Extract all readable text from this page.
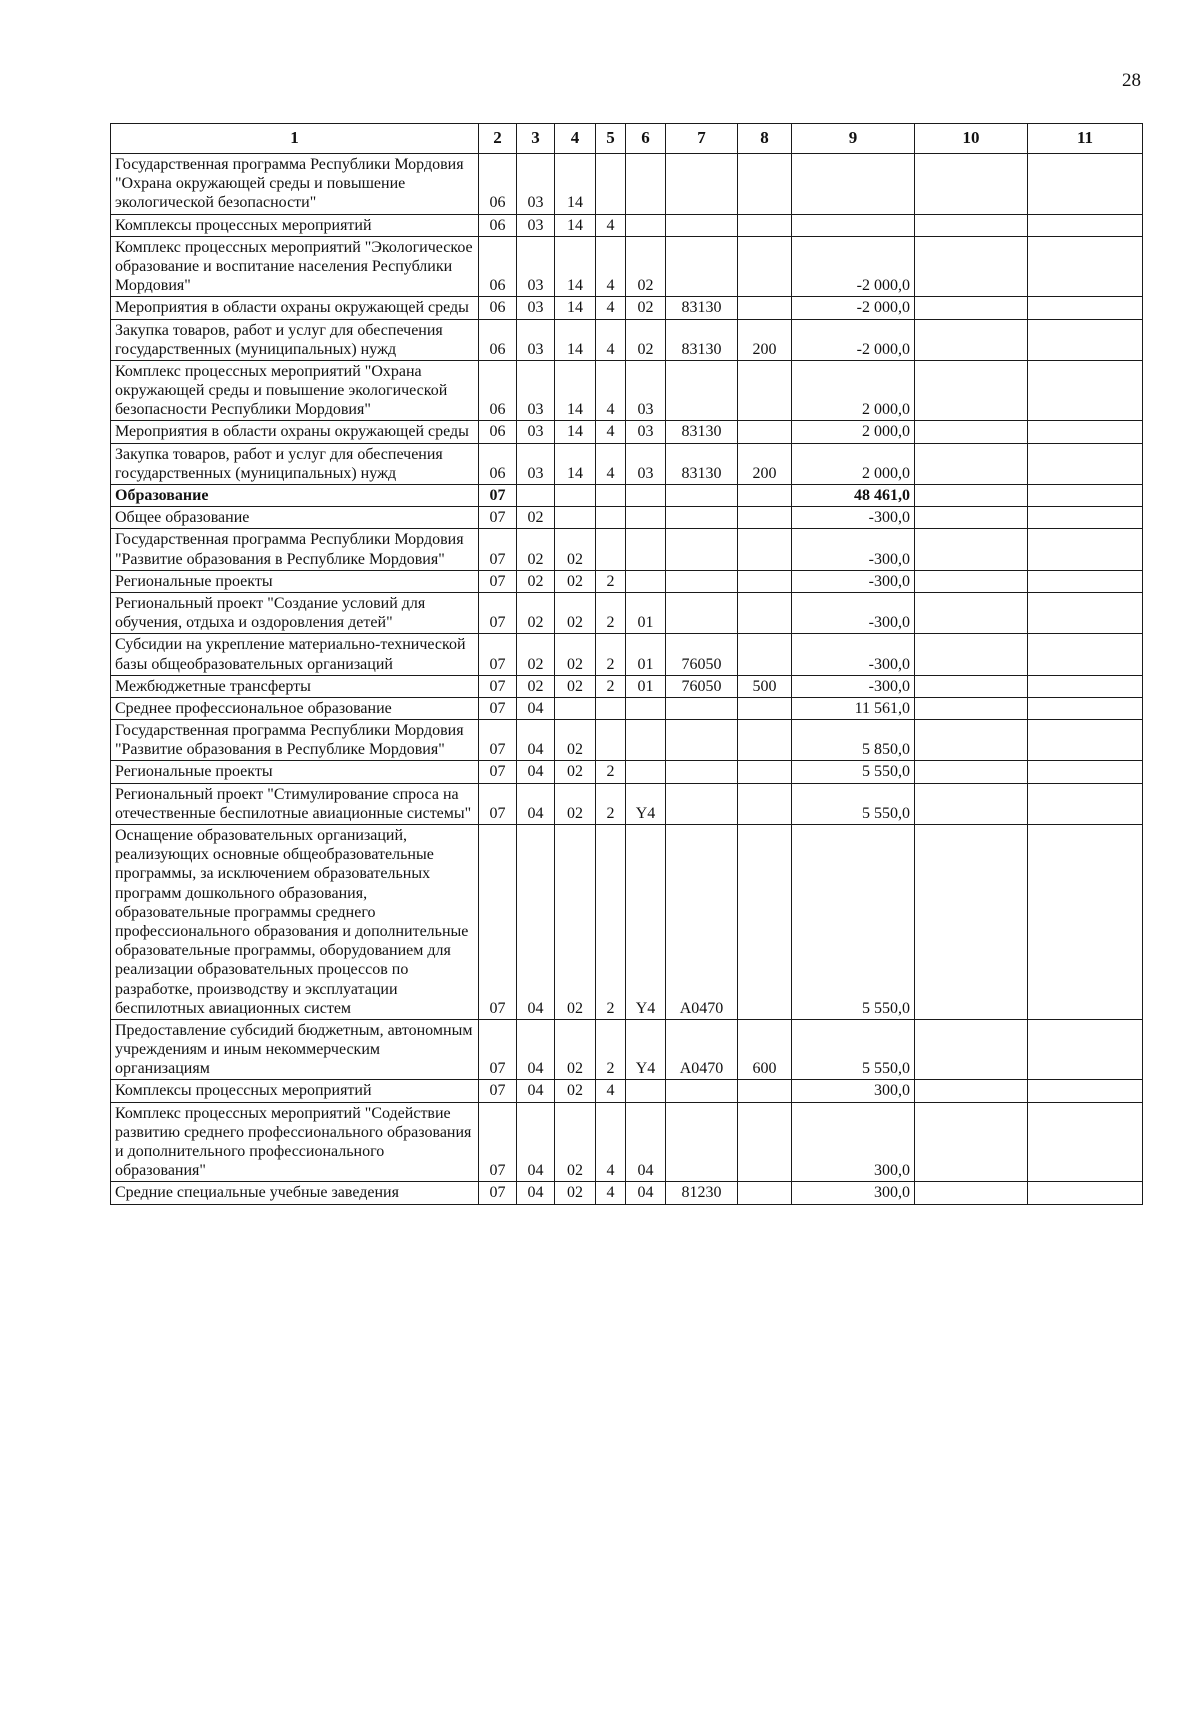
28
1	2	3	4	5	6	7	8	9	10	11
Государственная программа Республики Мордовия "Охрана окружающей среды и повышение экологической безопасности"	06	03	14							
Комплексы процессных мероприятий	06	03	14	4						
Комплекс процессных мероприятий "Экологическое образование и воспитание населения Республики Мордовия"	06	03	14	4	02			-2 000,0		
Мероприятия в области охраны окружающей среды	06	03	14	4	02	83130		-2 000,0		
Закупка товаров, работ и услуг для обеспечения государственных (муниципальных) нужд	06	03	14	4	02	83130	200	-2 000,0		
Комплекс процессных мероприятий "Охрана окружающей среды и повышение экологической безопасности Республики Мордовия"	06	03	14	4	03			2 000,0		
Мероприятия в области охраны окружающей среды	06	03	14	4	03	83130		2 000,0		
Закупка товаров, работ и услуг для обеспечения государственных (муниципальных) нужд	06	03	14	4	03	83130	200	2 000,0		
Образование	07							48 461,0		
Общее образование	07	02						-300,0		
Государственная программа Республики Мордовия "Развитие образования в Республике Мордовия"	07	02	02					-300,0		
Региональные проекты	07	02	02	2				-300,0		
Региональный проект "Создание условий для обучения, отдыха и оздоровления детей"	07	02	02	2	01			-300,0		
Субсидии на укрепление материально-технической базы общеобразовательных организаций	07	02	02	2	01	76050		-300,0		
Межбюджетные трансферты	07	02	02	2	01	76050	500	-300,0		
Среднее профессиональное образование	07	04						11 561,0		
Государственная программа Республики Мордовия "Развитие образования в Республике Мордовия"	07	04	02					5 850,0		
Региональные проекты	07	04	02	2				5 550,0		
Региональный проект "Стимулирование спроса на отечественные беспилотные авиационные системы"	07	04	02	2	Y4			5 550,0		
Оснащение образовательных организаций, реализующих основные общеобразовательные программы, за исключением образовательных программ дошкольного образования, образовательные программы среднего профессионального образования и дополнительные образовательные программы, оборудованием для реализации образовательных процессов по разработке, производству и эксплуатации беспилотных авиационных систем	07	04	02	2	Y4	A0470		5 550,0		
Предоставление субсидий бюджетным, автономным учреждениям и иным некоммерческим организациям	07	04	02	2	Y4	A0470	600	5 550,0		
Комплексы процессных мероприятий	07	04	02	4				300,0		
Комплекс процессных мероприятий "Содействие развитию среднего профессионального образования и дополнительного профессионального образования"	07	04	02	4	04			300,0		
Средние специальные учебные заведения	07	04	02	4	04	81230		300,0		
